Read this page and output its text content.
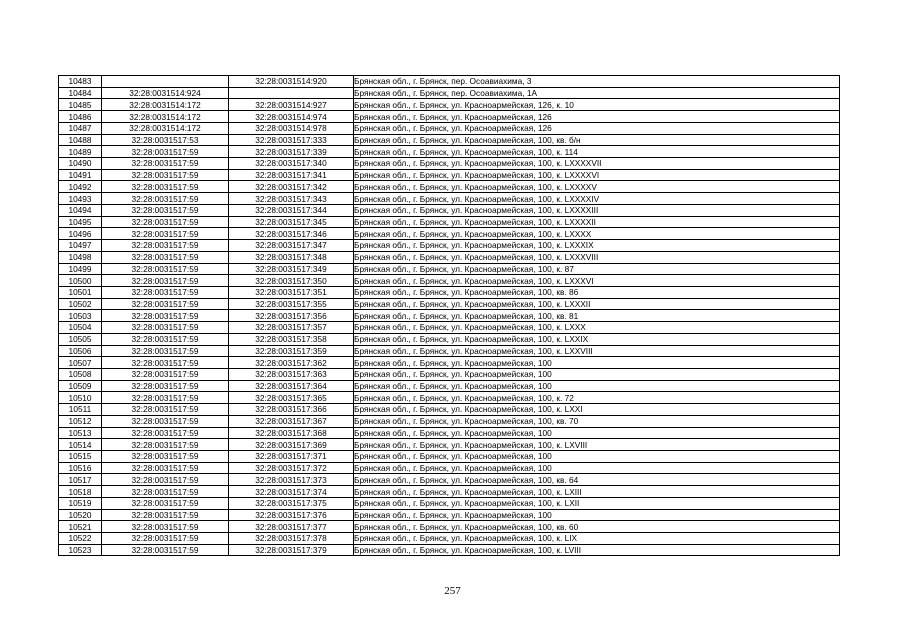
10483		32:28:0031514:920	Брянская обл., г. Брянск, пер. Осоавиахима, 3
10484	32:28:0031514:924		Брянская обл., г. Брянск, пер. Осоавиахима, 1А
10485	32:28:0031514:172	32:28:0031514:927	Брянская обл., г. Брянск, ул. Красноармейская, 126, к. 10
10486	32:28:0031514:172	32:28:0031514:974	Брянская обл., г. Брянск, ул. Красноармейская, 126
10487	32:28:0031514:172	32:28:0031514:978	Брянская обл., г. Брянск, ул. Красноармейская, 126
10488	32:28:0031517:53	32:28:0031517:333	Брянская обл., г. Брянск, ул. Красноармейская, 100, кв. б/н
10489	32:28:0031517:59	32:28:0031517:339	Брянская обл., г. Брянск, ул. Красноармейская, 100, к. 114
10490	32:28:0031517:59	32:28:0031517:340	Брянская обл., г. Брянск, ул. Красноармейская, 100, к. LXXXXVII
10491	32:28:0031517:59	32:28:0031517:341	Брянская обл., г. Брянск, ул. Красноармейская, 100, к. LXXXXVI
10492	32:28:0031517:59	32:28:0031517:342	Брянская обл., г. Брянск, ул. Красноармейская, 100, к. LXXXXV
10493	32:28:0031517:59	32:28:0031517:343	Брянская обл., г. Брянск, ул. Красноармейская, 100, к. LXXXXIV
10494	32:28:0031517:59	32:28:0031517:344	Брянская обл., г. Брянск, ул. Красноармейская, 100, к. LXXXXIII
10495	32:28:0031517:59	32:28:0031517:345	Брянская обл., г. Брянск, ул. Красноармейская, 100, к. LXXXXII
10496	32:28:0031517:59	32:28:0031517:346	Брянская обл., г. Брянск, ул. Красноармейская, 100, к. LXXXX
10497	32:28:0031517:59	32:28:0031517:347	Брянская обл., г. Брянск, ул. Красноармейская, 100, к. LXXXIX
10498	32:28:0031517:59	32:28:0031517:348	Брянская обл., г. Брянск, ул. Красноармейская, 100, к. LXXXVIII
10499	32:28:0031517:59	32:28:0031517:349	Брянская обл., г. Брянск, ул. Красноармейская, 100, к. 87
10500	32:28:0031517:59	32:28:0031517:350	Брянская обл., г. Брянск, ул. Красноармейская, 100, к. LXXXVI
10501	32:28:0031517:59	32:28:0031517:351	Брянская обл., г. Брянск, ул. Красноармейская, 100, кв. 86
10502	32:28:0031517:59	32:28:0031517:355	Брянская обл., г. Брянск, ул. Красноармейская, 100, к. LXXXII
10503	32:28:0031517:59	32:28:0031517:356	Брянская обл., г. Брянск, ул. Красноармейская, 100, кв. 81
10504	32:28:0031517:59	32:28:0031517:357	Брянская обл., г. Брянск, ул. Красноармейская, 100, к. LXXX
10505	32:28:0031517:59	32:28:0031517:358	Брянская обл., г. Брянск, ул. Красноармейская, 100, к. LXXIX
10506	32:28:0031517:59	32:28:0031517:359	Брянская обл., г. Брянск, ул. Красноармейская, 100, к. LXXVIII
10507	32:28:0031517:59	32:28:0031517:362	Брянская обл., г. Брянск, ул. Красноармейская, 100
10508	32:28:0031517:59	32:28:0031517:363	Брянская обл., г. Брянск, ул. Красноармейская, 100
10509	32:28:0031517:59	32:28:0031517:364	Брянская обл., г. Брянск, ул. Красноармейская, 100
10510	32:28:0031517:59	32:28:0031517:365	Брянская обл., г. Брянск, ул. Красноармейская, 100, к. 72
10511	32:28:0031517:59	32:28:0031517:366	Брянская обл., г. Брянск, ул. Красноармейская, 100, к. LXXI
10512	32:28:0031517:59	32:28:0031517:367	Брянская обл., г. Брянск, ул. Красноармейская, 100, кв. 70
10513	32:28:0031517:59	32:28:0031517:368	Брянская обл., г. Брянск, ул. Красноармейская, 100
10514	32:28:0031517:59	32:28:0031517:369	Брянская обл., г. Брянск, ул. Красноармейская, 100, к. LXVIII
10515	32:28:0031517:59	32:28:0031517:371	Брянская обл., г. Брянск, ул. Красноармейская, 100
10516	32:28:0031517:59	32:28:0031517:372	Брянская обл., г. Брянск, ул. Красноармейская, 100
10517	32:28:0031517:59	32:28:0031517:373	Брянская обл., г. Брянск, ул. Красноармейская, 100, кв. 64
10518	32:28:0031517:59	32:28:0031517:374	Брянская обл., г. Брянск, ул. Красноармейская, 100, к. LXIII
10519	32:28:0031517:59	32:28:0031517:375	Брянская обл., г. Брянск, ул. Красноармейская, 100, к. LXII
10520	32:28:0031517:59	32:28:0031517:376	Брянская обл., г. Брянск, ул. Красноармейская, 100
10521	32:28:0031517:59	32:28:0031517:377	Брянская обл., г. Брянск, ул. Красноармейская, 100, кв. 60
10522	32:28:0031517:59	32:28:0031517:378	Брянская обл., г. Брянск, ул. Красноармейская, 100, к. LIX
10523	32:28:0031517:59	32:28:0031517:379	Брянская обл., г. Брянск, ул. Красноармейская, 100, к. LVIII
257
